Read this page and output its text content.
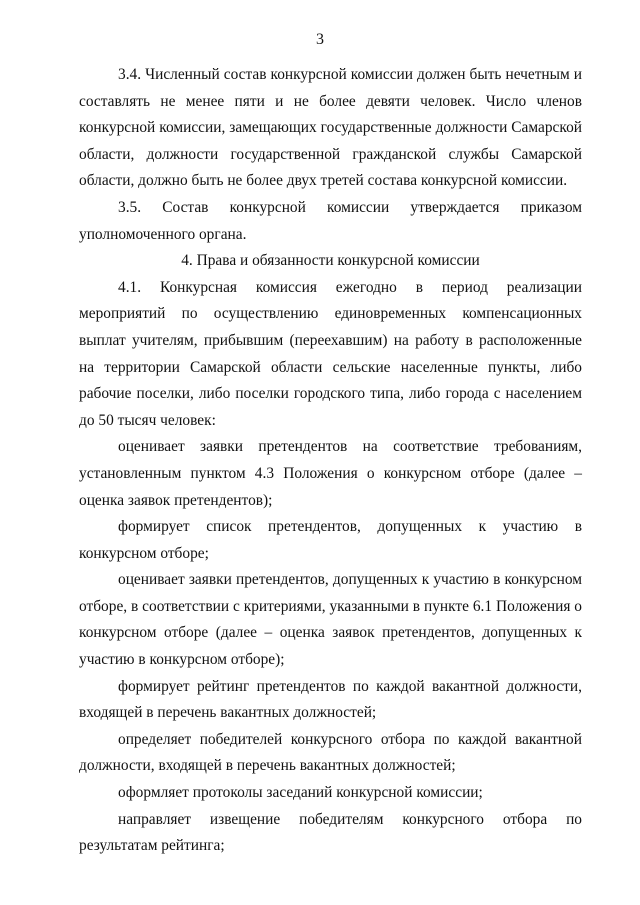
3

3.4. Численный состав конкурсной комиссии должен быть нечетным и составлять не менее пяти и не более девяти человек. Число членов конкурсной комиссии, замещающих государственные должности Самарской области, должности государственной гражданской службы Самарской области, должно быть не более двух третей состава конкурсной комиссии.

3.5. Состав конкурсной комиссии утверждается приказом уполномоченного органа.

4. Права и обязанности конкурсной комиссии

4.1. Конкурсная комиссия ежегодно в период реализации мероприятий по осуществлению единовременных компенсационных выплат учителям, прибывшим (переехавшим) на работу в расположенные на территории Самарской области сельские населенные пункты, либо рабочие поселки, либо поселки городского типа, либо города с населением до 50 тысяч человек:

оценивает заявки претендентов на соответствие требованиям, установленным пунктом 4.3 Положения о конкурсном отборе (далее – оценка заявок претендентов);

формирует список претендентов, допущенных к участию в конкурсном отборе;

оценивает заявки претендентов, допущенных к участию в конкурсном отборе, в соответствии с критериями, указанными в пункте 6.1 Положения о конкурсном отборе (далее – оценка заявок претендентов, допущенных к участию в конкурсном отборе);

формирует рейтинг претендентов по каждой вакантной должности, входящей в перечень вакантных должностей;

определяет победителей конкурсного отбора по каждой вакантной должности, входящей в перечень вакантных должностей;

оформляет протоколы заседаний конкурсной комиссии;

направляет извещение победителям конкурсного отбора по результатам рейтинга;
